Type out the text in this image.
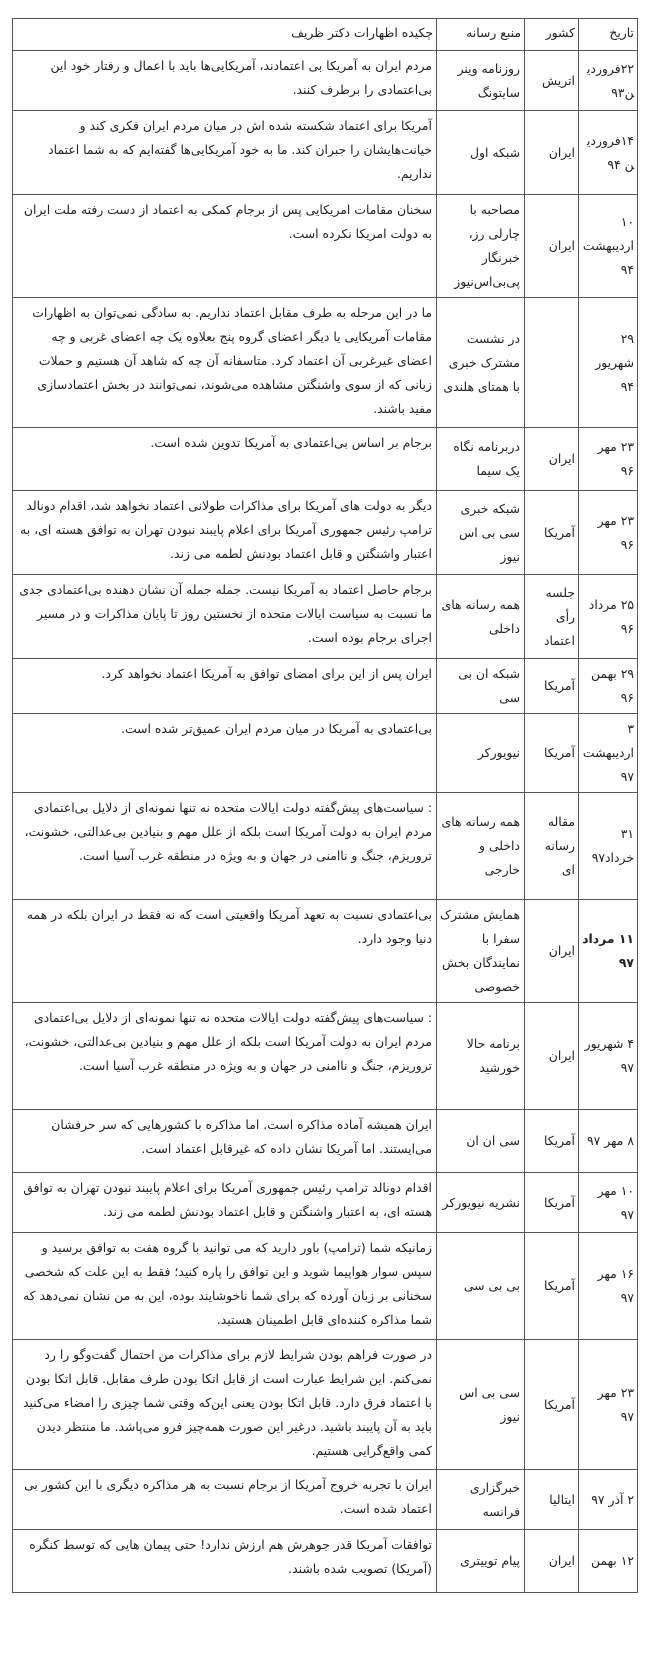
تاریخ	کشور	منبع رسانه	چکیده اظهارات دکتر ظریف
۲۲فروردین۹۳	اتریش	روزنامه وینر سایتونگ	مردم ایران به آمریکا بی اعتمادند، آمریکایی‌ها باید با اعمال و رفتار خود این بی‌اعتمادی را برطرف کنند.
۱۴فروردین ۹۴	ایران	شبکه اول	آمریکا برای اعتماد شکسته شده اش در میان مردم ایران فکری کند و خیانت‌هایشان را جبران کند. ما به خود آمریکایی‌ها گفته‌ایم که به شما اعتماد نداریم.
۱۰ اردیبهشت ۹۴	ایران	مصاحبه با چارلی رز، خبرنگار پی‌بی‌اس‌نیوز	سخنان مقامات امریکایی پس از برجام کمکی به اعتماد از دست رفته ملت ایران به دولت امریکا نکرده است.
۲۹ شهریور ۹۴		در نشست مشترک خبری با همتای هلندی	ما در این مرحله به طرف مقابل اعتماد نداریم. به سادگی نمی‌توان به اظهارات مقامات آمریکایی یا دیگر اعضای گروه پنج بعلاوه یک چه اعضای غربی و چه اعضای غیرغربی آن اعتماد کرد. متاسفانه آن چه که شاهد آن هستیم و حملات زبانی که از سوی واشنگتن مشاهده می‌شوند، نمی‌توانند در بخش اعتمادسازی مفید باشند.
۲۳ مهر ۹۶	ایران	دربرنامه نگاه یک سیما	برجام بر اساس بی‌اعتمادی به آمریکا تدوین شده است.
۲۳ مهر ۹۶	آمریکا	شبکه خبری سی بی اس نیوز	دیگر به دولت های آمریکا برای مذاکرات طولانی اعتماد نخواهد شد، اقدام دونالد ترامپ رئیس جمهوری آمریکا برای اعلام پایبند نبودن تهران به توافق هسته ای، به اعتبار واشنگتن و قابل اعتماد بودنش لطمه می زند.
۲۵ مرداد ۹۶	جلسه رأی اعتماد	همه رسانه های داخلی	برجام حاصل اعتماد به آمریکا نیست. جمله جمله آن نشان دهنده بی‌اعتمادی جدی ما نسبت به سیاست ایالات متحده از نخستین روز تا پایان مذاکرات و در مسیر اجرای برجام بوده است.
۲۹ بهمن ۹۶	آمریکا	شبکه ان بی سی	ایران پس از این برای امضای توافق به آمریکا اعتماد نخواهد کرد.
۳ اردیبهشت ۹۷	آمریکا	نیویورکر	بی‌اعتمادی به آمریکا در میان مردم ایران عمیق‌تر شده است.
۳۱ خرداد۹۷	مقاله رسانه ای	همه رسانه های داخلی و خارجی	: سیاست‌های پیش‌گفته دولت ایالات متحده نه تنها نمونه‌ای از دلایل بی‌اعتمادی مردم ایران به دولت آمریکا است بلکه از علل مهم و بنیادین بی‌عدالتی، خشونت، تروریزم، جنگ و ناامنی در جهان و به ویژه در منطقه غرب آسیا است.
۱۱ مرداد ۹۷	ایران	همایش مشترک سفرا با نمایندگان بخش خصوصی	بی‌اعتمادی نسبت به تعهد آمریکا واقعیتی است که نه فقط در ایران بلکه در همه دنیا وجود دارد.
۴ شهریور ۹۷	ایران	برنامه حالا خورشید	: سیاست‌های پیش‌گفته دولت ایالات متحده نه تنها نمونه‌ای از دلایل بی‌اعتمادی مردم ایران به دولت آمریکا است بلکه از علل مهم و بنیادین بی‌عدالتی، خشونت، تروریزم، جنگ و ناامنی در جهان و به ویژه در منطقه غرب آسیا است.
۸ مهر ۹۷	آمریکا	سی ان ان	ایران همیشه آماده مذاکره است. اما مذاکره با کشورهایی که سر حرفشان می‌ایستند. اما آمریکا نشان داده که غیرقابل اعتماد است.
۱۰ مهر ۹۷	آمریکا	نشریه نیویورکر	اقدام دونالد ترامپ رئیس جمهوری آمریکا برای اعلام پایبند نبودن تهران به توافق هسته ای، به اعتبار واشنگتن و قابل اعتماد بودنش لطمه می زند.
۱۶ مهر ۹۷	آمریکا	بی بی سی	زمانیکه شما (ترامپ) باور دارید که می توانید با گروه هفت به توافق برسید و سپس سوار هواپیما شوید و این توافق را پاره کنید؛ فقط به این علت که شخصی سخنانی بر زبان آورده که برای شما ناخوشایند بوده، این به من نشان نمی‌دهد که شما مذاکره کننده‌ای قابل اطمینان هستید.
۲۳ مهر ۹۷	آمریکا	سی بی اس نیوز	در صورت فراهم بودن شرایط لازم برای مذاکرات من احتمال گفت‌وگو را رد نمی‌کنم. این شرایط عبارت است از قابل اتکا بودن طرف مقابل. قابل اتکا بودن با اعتماد فرق دارد. قابل اتکا بودن یعنی این‌که وقتی شما چیزی را امضاء می‌کنید باید به آن پایبند باشید. درغیر این صورت همه‌چیز فرو می‌پاشد. ما منتظر دیدن کمی واقع‌گرایی هستیم.
۲ آذر ۹۷	ایتالیا	خبرگزاری فرانسه	ایران با تجربه خروج آمریکا از برجام نسبت به هر مذاکره دیگری با این کشور بی اعتماد شده است.
۱۲ بهمن	ایران	پیام توییتری	توافقات آمریکا قدر جوهرش هم ارزش ندارد! حتی پیمان هایی که توسط کنگره (آمریکا) تصویب شده باشند.
